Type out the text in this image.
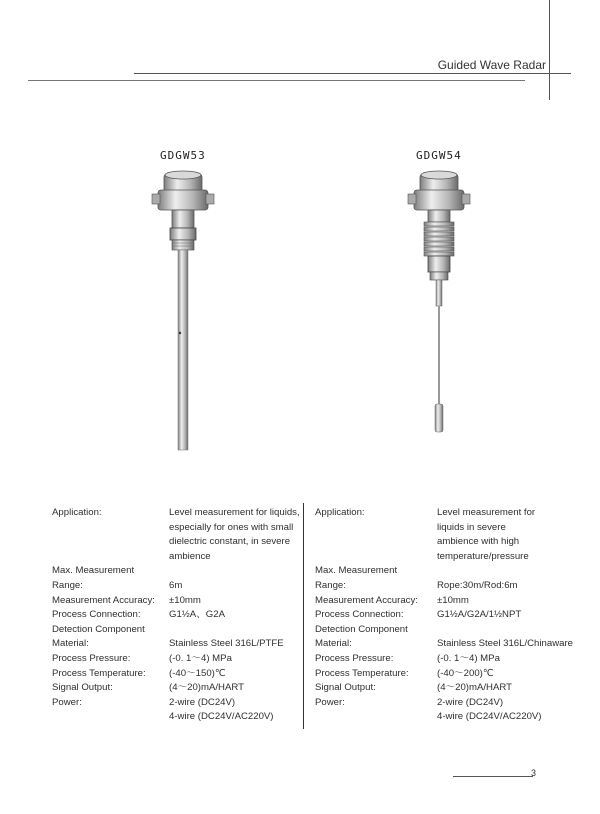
Guided Wave Radar
GDGW53	GDGW54
Application:	Level measurement for liquids,
especially for ones with small
dielectric constant, in severe
ambience
Max. Measurement
Range:	6m
Measurement Accuracy:	±10mm
Process Connection:	G1½A、G2A
Detection Component
Material:	Stainless Steel 316L/PTFE
Process Pressure:	(-0. 1～4) MPa
Process Temperature:	(-40～150)℃
Signal Output:	(4～20)mA/HART
Power:	2-wire (DC24V)
4-wire (DC24V/AC220V)
Application:	Level measurement for
liquids in severe
ambience with high
temperature/pressure
Max. Measurement
Range:	Rope:30m/Rod:6m
Measurement Accuracy:	±10mm
Process Connection:	G1½A/G2A/1½NPT
Detection Component
Material:	Stainless Steel 316L/Chinaware
Process Pressure:	(-0. 1～4) MPa
Process Temperature:	(-40～200)℃
Signal Output:	(4～20)mA/HART
Power:	2-wire (DC24V)
4-wire (DC24V/AC220V)
3
